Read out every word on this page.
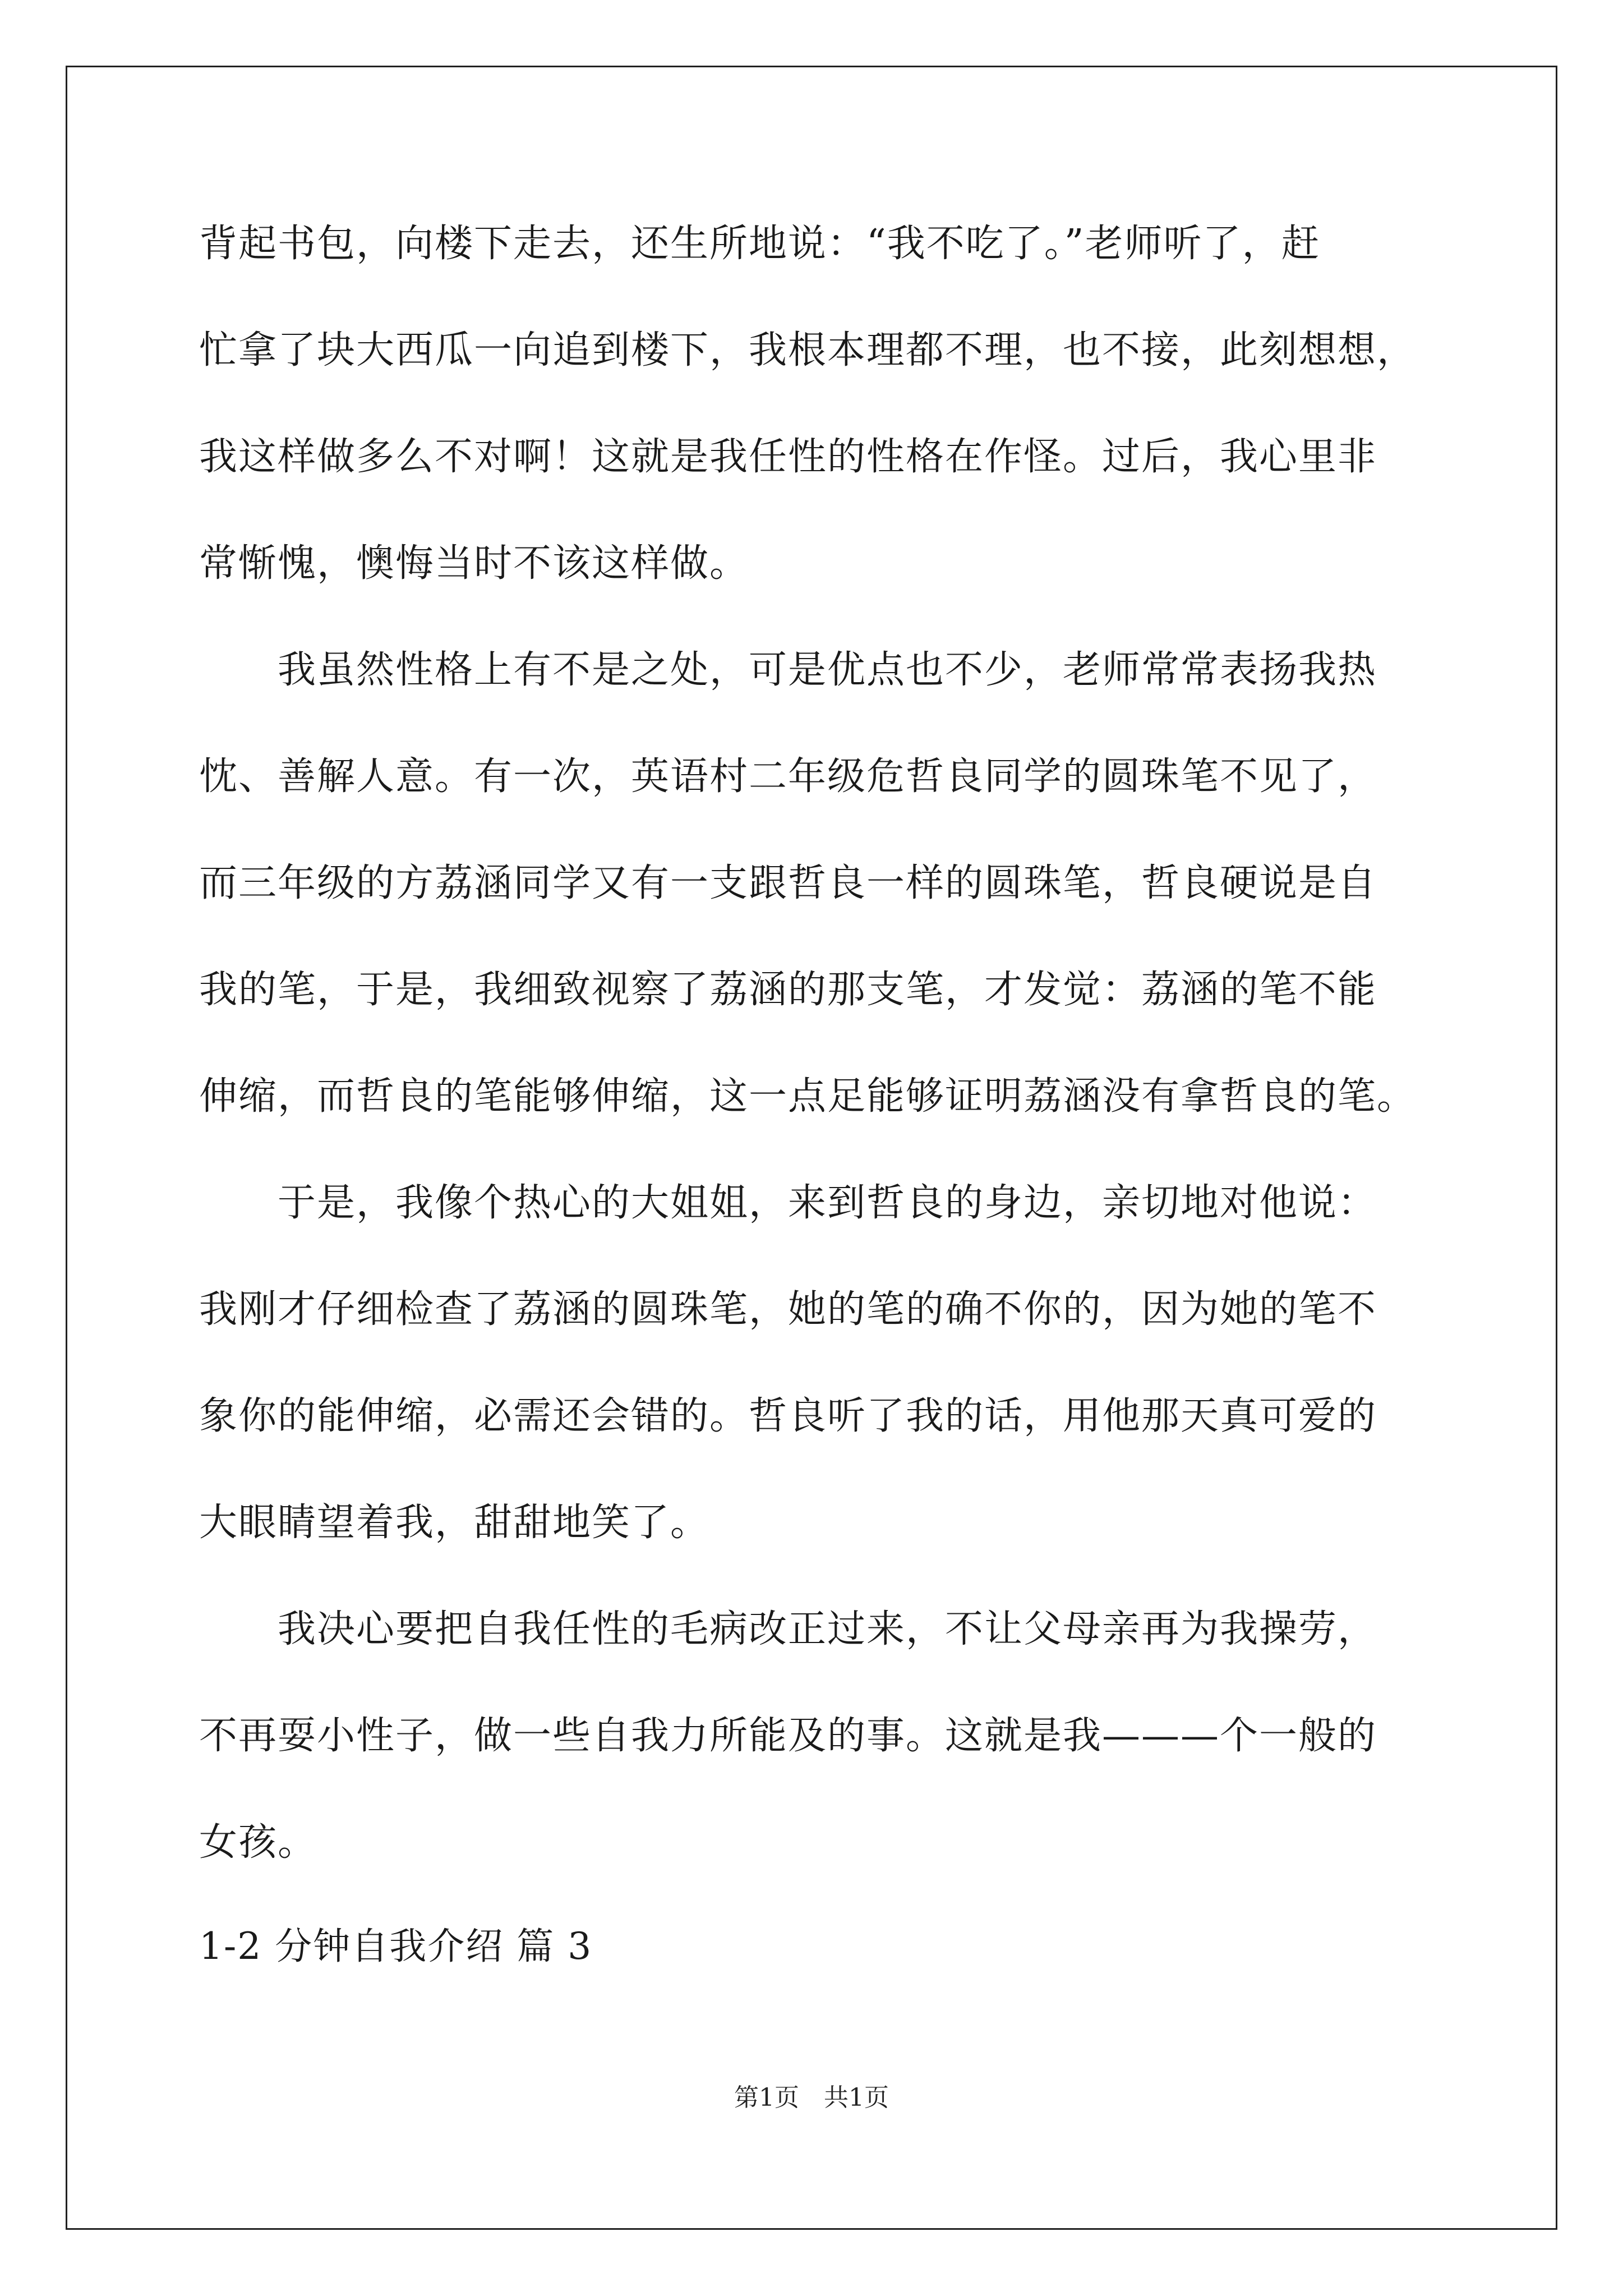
背起书包，向楼下走去，还生所地说：“我不吃了。”老师听了，赶
忙拿了块大西瓜一向追到楼下，我根本理都不理，也不接，此刻想想，
我这样做多么不对啊！这就是我任性的性格在作怪。过后，我心里非
常惭愧，懊悔当时不该这样做。
　　我虽然性格上有不是之处，可是优点也不少，老师常常表扬我热
忱、善解人意。有一次，英语村二年级危哲良同学的圆珠笔不见了，
而三年级的方荔涵同学又有一支跟哲良一样的圆珠笔，哲良硬说是自
我的笔，于是，我细致视察了荔涵的那支笔，才发觉：荔涵的笔不能
伸缩，而哲良的笔能够伸缩，这一点足能够证明荔涵没有拿哲良的笔。
　　于是，我像个热心的大姐姐，来到哲良的身边，亲切地对他说：
我刚才仔细检查了荔涵的圆珠笔，她的笔的确不你的，因为她的笔不
象你的能伸缩，必需还会错的。哲良听了我的话，用他那天真可爱的
大眼睛望着我，甜甜地笑了。
　　我决心要把自我任性的毛病改正过来，不让父母亲再为我操劳，
不再耍小性子，做一些自我力所能及的事。这就是我———个一般的
女孩。
1-2 分钟自我介绍 篇 3
第1页　共1页
